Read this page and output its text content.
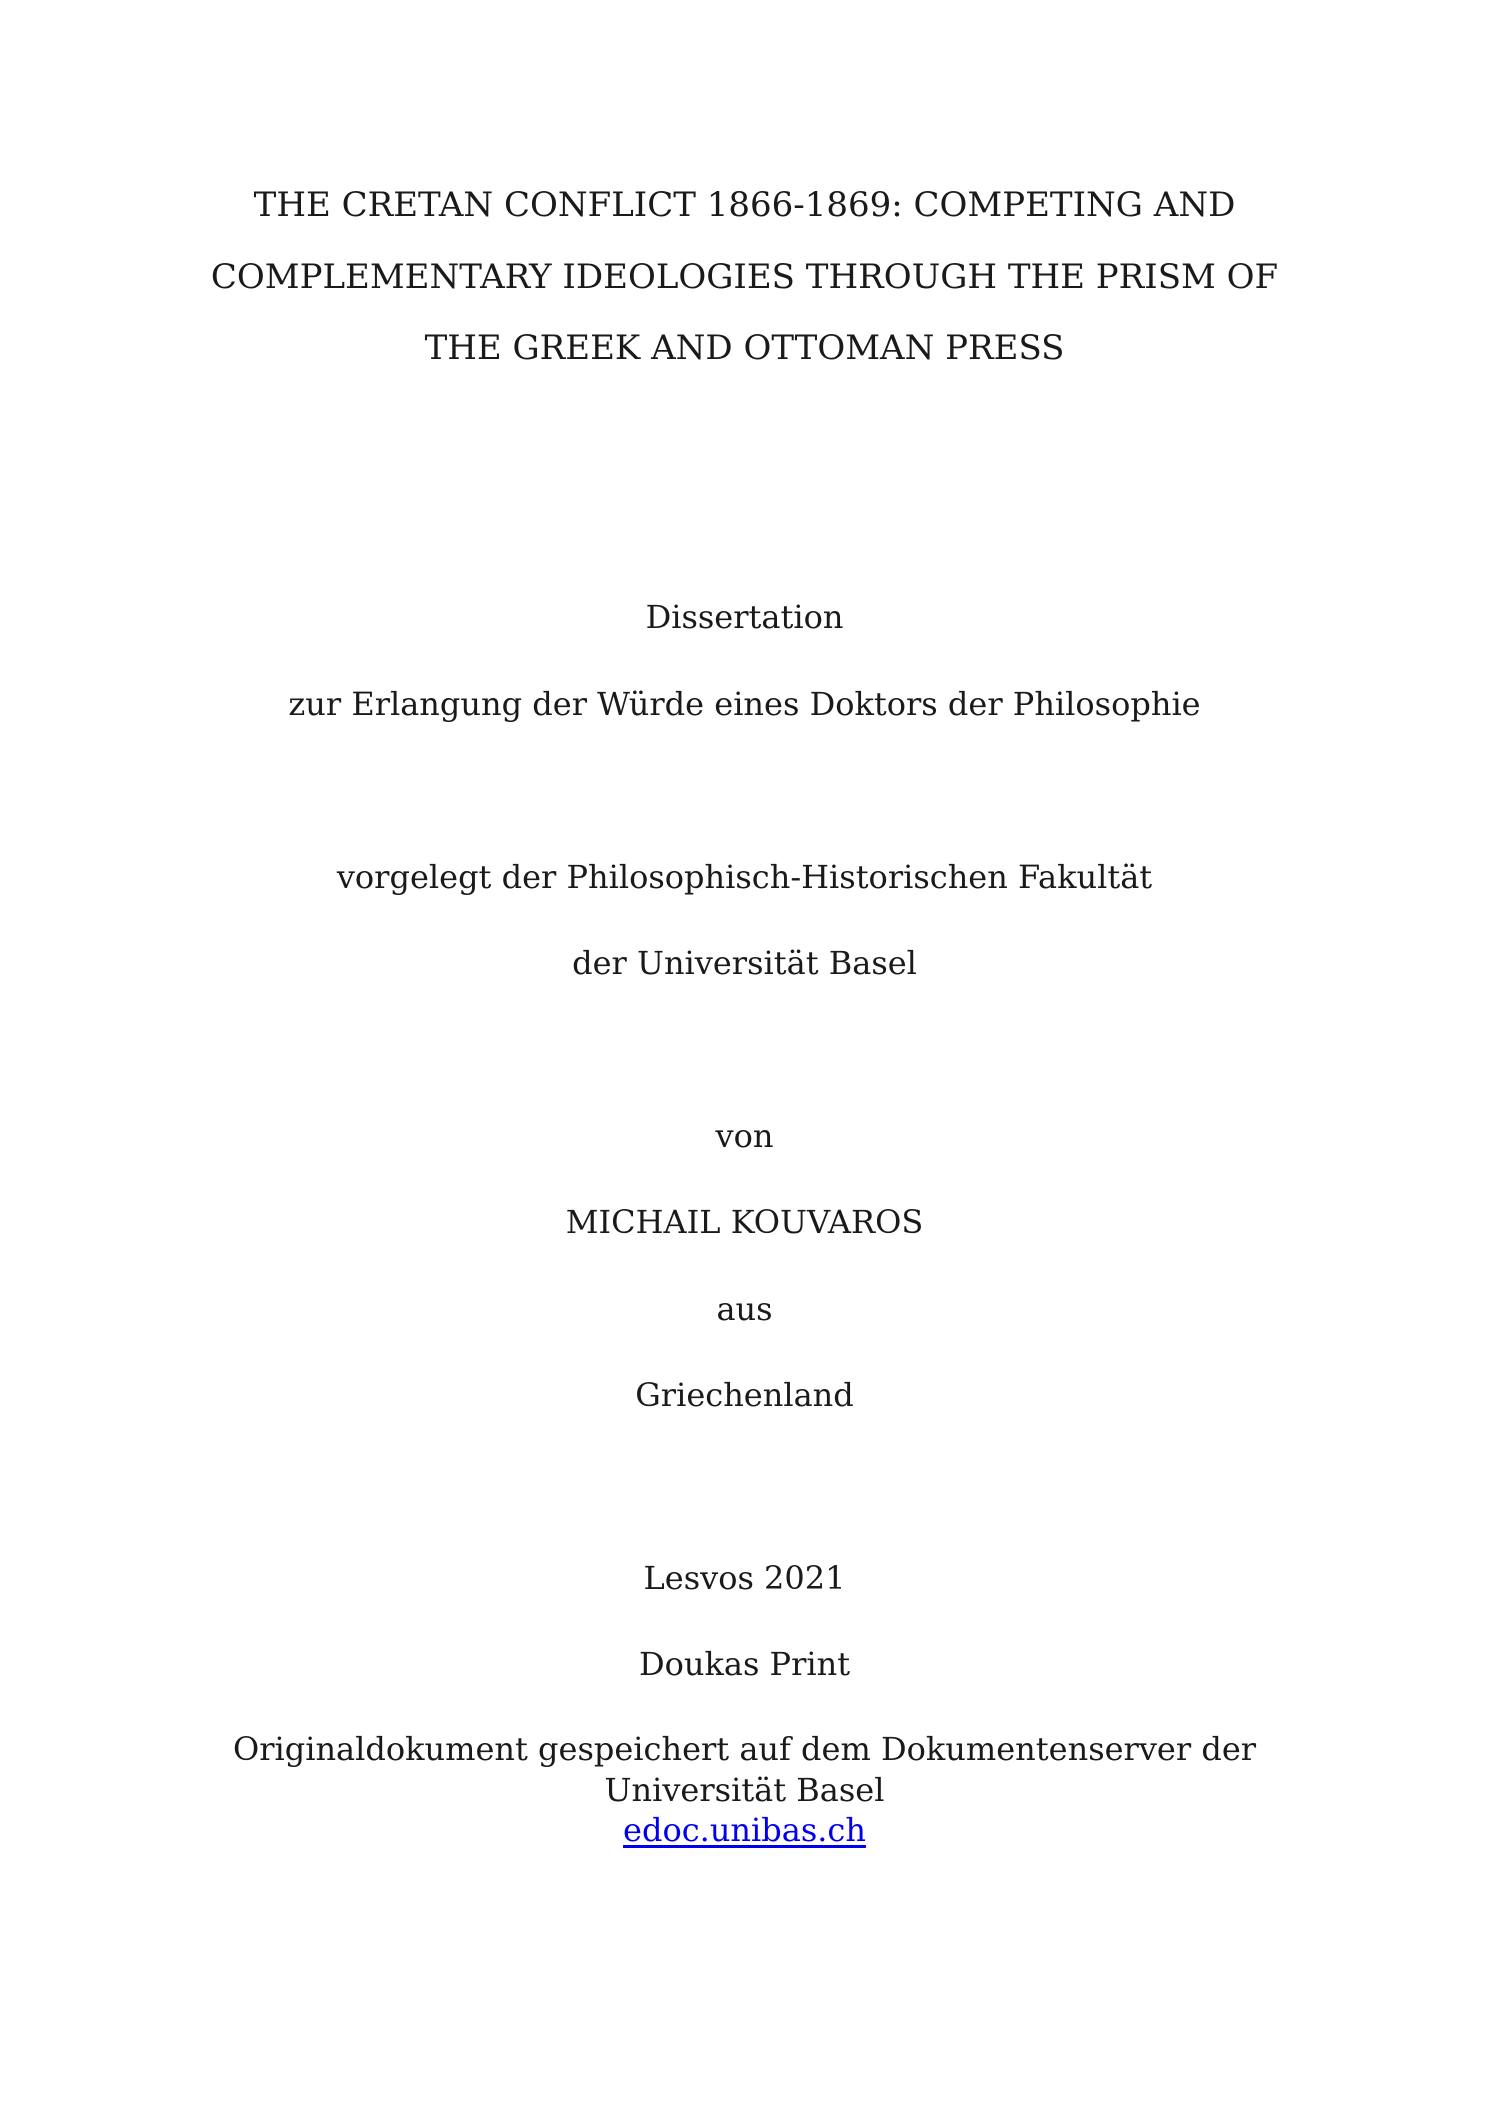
THE CRETAN CONFLICT 1866-1869: COMPETING AND
COMPLEMENTARY IDEOLOGIES THROUGH THE PRISM OF
THE GREEK AND OTTOMAN PRESS

Dissertation

zur Erlangung der Würde eines Doktors der Philosophie

vorgelegt der Philosophisch-Historischen Fakultät

der Universität Basel

von

MICHAIL KOUVAROS

aus

Griechenland

Lesvos 2021

Doukas Print

Originaldokument gespeichert auf dem Dokumentenserver der

Universität Basel

edoc.unibas.ch
